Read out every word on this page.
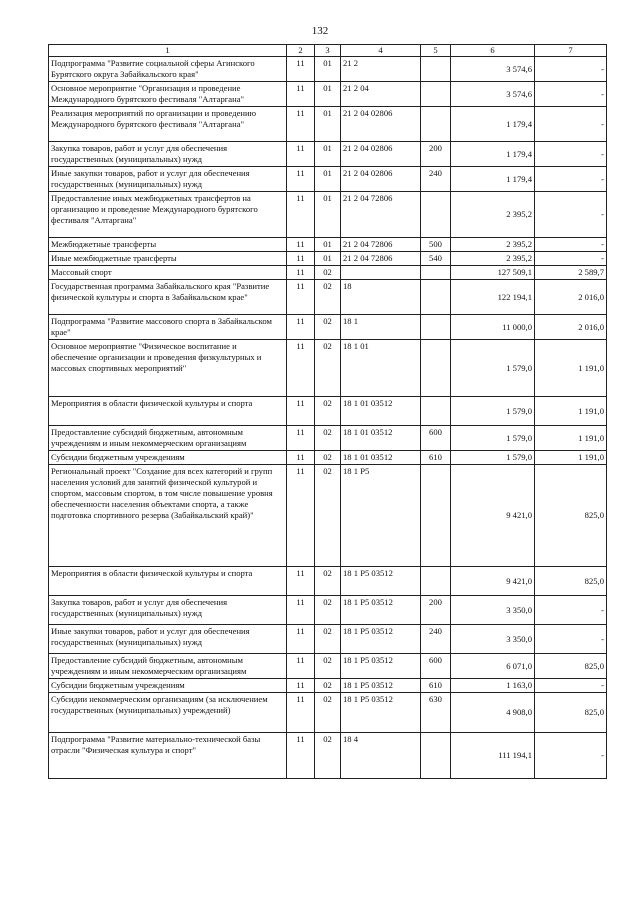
132
1	2	3	4	5	6	7
Подпрограмма "Развитие социальной сферы Агинского Бурятского округа Забайкальского края"	11	01	21 2		3 574,6	-
Основное мероприятие "Организация и проведение Международного бурятского фестиваля "Алтаргана"	11	01	21 2 04		3 574,6	-
Реализация мероприятий по организации и проведению Международного бурятского фестиваля "Алтаргана"	11	01	21 2 04 02806		1 179,4	-
Закупка товаров, работ и услуг для обеспечения государственных (муниципальных) нужд	11	01	21 2 04 02806	200	1 179,4	-
Иные закупки товаров, работ и услуг для обеспечения государственных (муниципальных) нужд	11	01	21 2 04 02806	240	1 179,4	-
Предоставление иных межбюджетных трансфертов на организацию и проведение Международного бурятского фестиваля "Алтаргана"	11	01	21 2 04 72806		2 395,2	-
Межбюджетные трансферты	11	01	21 2 04 72806	500	2 395,2	-
Иные межбюджетные трансферты	11	01	21 2 04 72806	540	2 395,2	-
Массовый спорт	11	02			127 509,1	2 589,7
Государственная программа Забайкальского края "Развитие физической культуры и спорта в Забайкальском крае"	11	02	18		122 194,1	2 016,0
Подпрограмма "Развитие массового спорта в Забайкальском крае"	11	02	18 1		11 000,0	2 016,0
Основное мероприятие "Физическое воспитание и обеспечение организации и проведения физкультурных и массовых спортивных мероприятий"	11	02	18 1 01		1 579,0	1 191,0
Мероприятия в области физической культуры и спорта	11	02	18 1 01 03512		1 579,0	1 191,0
Предоставление субсидий бюджетным, автономным учреждениям и иным некоммерческим организациям	11	02	18 1 01 03512	600	1 579,0	1 191,0
Субсидии бюджетным учреждениям	11	02	18 1 01 03512	610	1 579,0	1 191,0
Региональный проект "Создание для всех категорий и групп населения условий для занятий физической культурой и спортом, массовым спортом, в том числе повышение уровня обеспеченности населения объектами спорта, а также подготовка спортивного резерва (Забайкальский край)"	11	02	18 1 P5		9 421,0	825,0
Мероприятия в области физической культуры и спорта	11	02	18 1 P5 03512		9 421,0	825,0
Закупка товаров, работ и услуг для обеспечения государственных (муниципальных) нужд	11	02	18 1 P5 03512	200	3 350,0	-
Иные закупки товаров, работ и услуг для обеспечения государственных (муниципальных) нужд	11	02	18 1 P5 03512	240	3 350,0	-
Предоставление субсидий бюджетным, автономным учреждениям и иным некоммерческим организациям	11	02	18 1 P5 03512	600	6 071,0	825,0
Субсидии бюджетным учреждениям	11	02	18 1 P5 03512	610	1 163,0	-
Субсидии некоммерческим организациям (за исключением государственных (муниципальных) учреждений)	11	02	18 1 P5 03512	630	4 908,0	825,0
Подпрограмма "Развитие материально-технической базы отрасли "Физическая культура и спорт"	11	02	18 4		111 194,1	-
